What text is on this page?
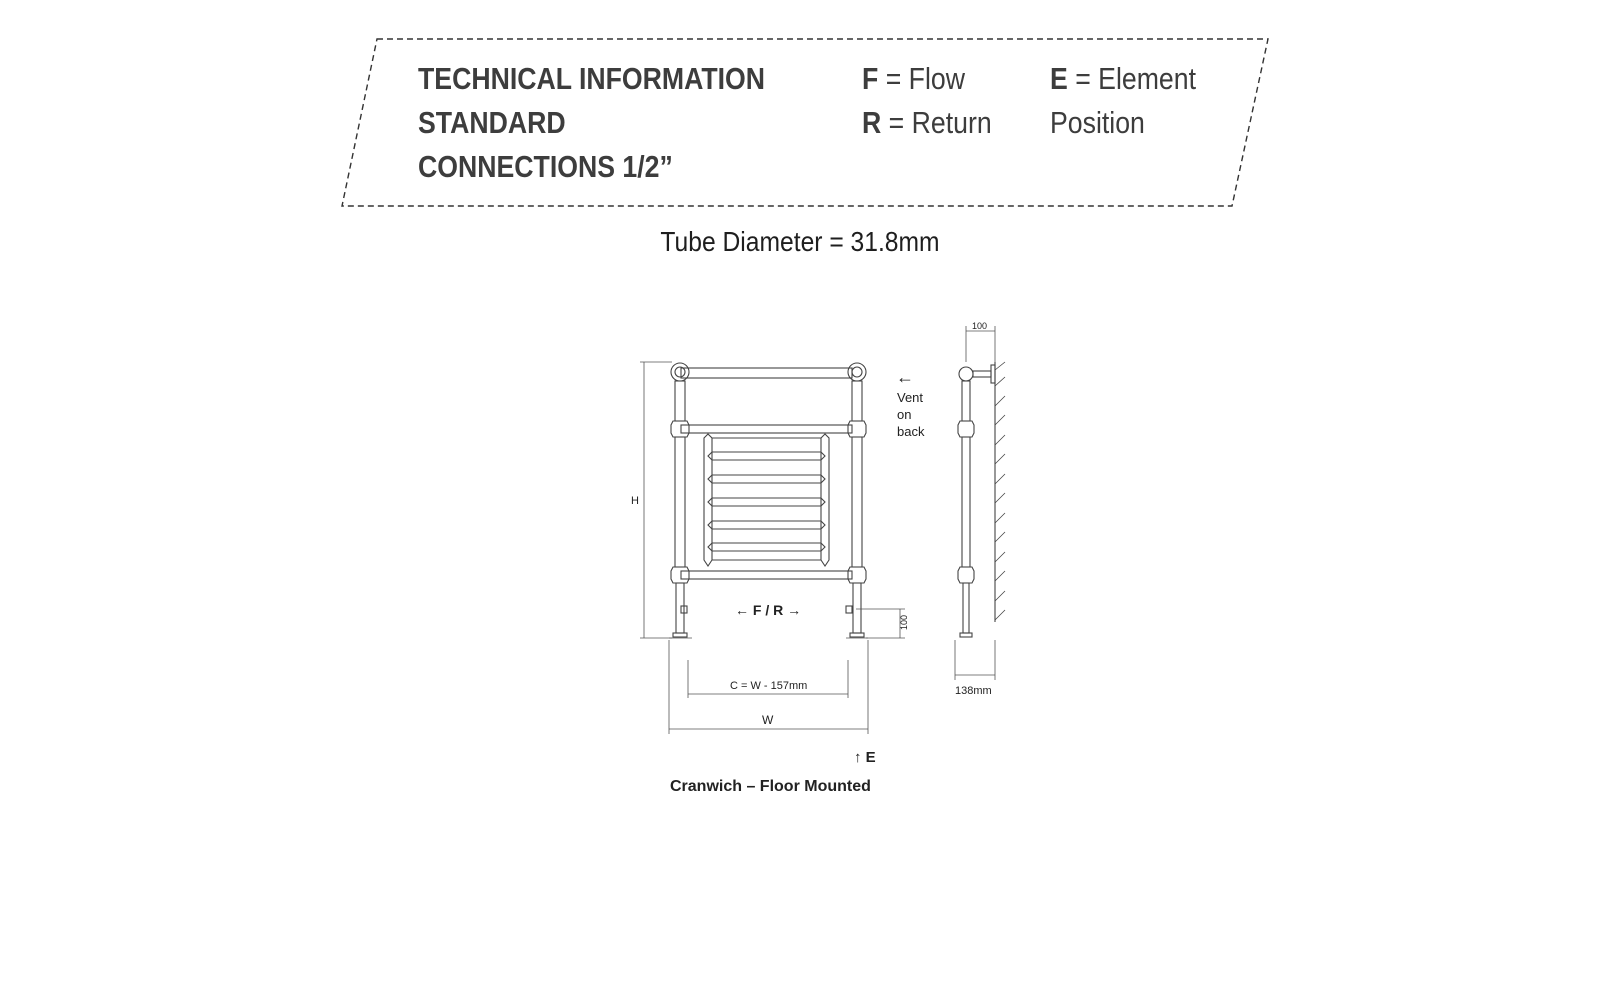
TECHNICAL INFORMATION
STANDARD
CONNECTIONS 1/2”
F = Flow
R = Return
E = Element
Position
Tube Diameter = 31.8mm
H
W
C = W - 157mm
← F / R →
100
100
138mm
←
Vent
on
back
↑ E
Cranwich – Floor Mounted
